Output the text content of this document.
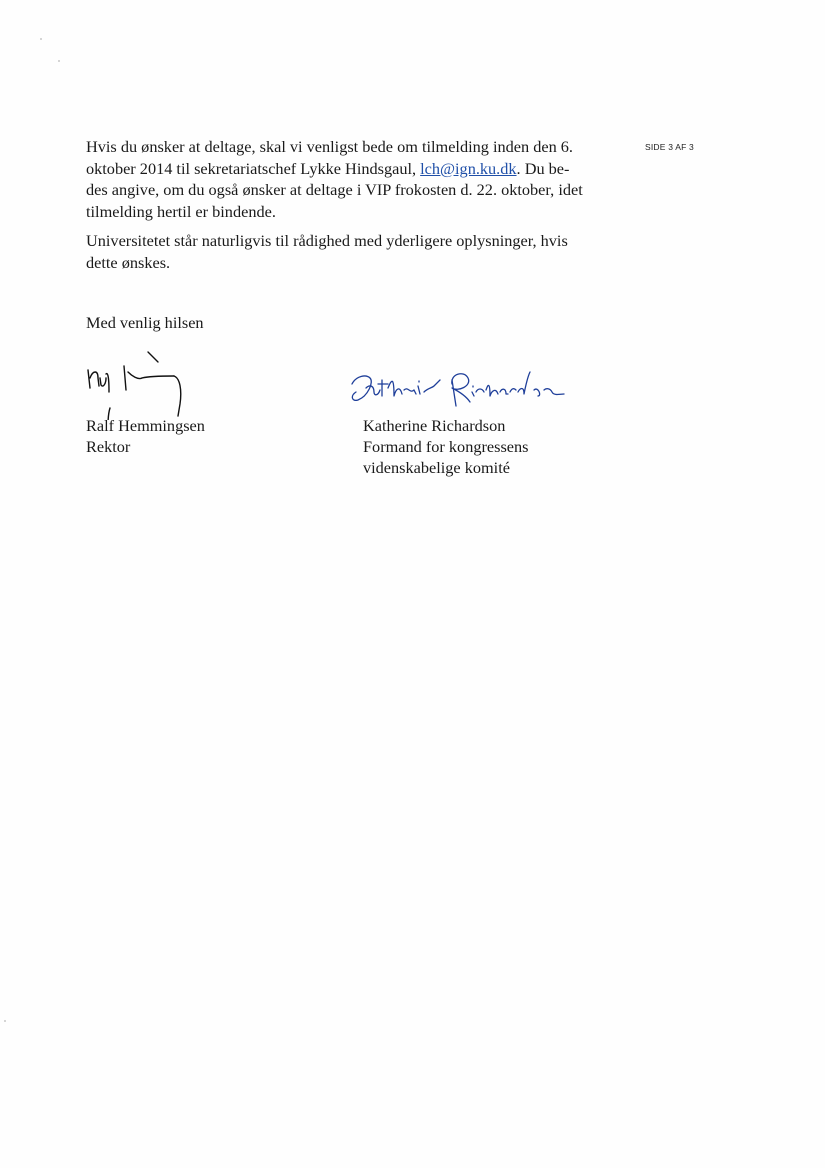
SIDE 3 AF 3

Hvis du ønsker at deltage, skal vi venligst bede om tilmelding inden den 6.
oktober 2014 til sekretariatschef Lykke Hindsgaul, lch@ign.ku.dk. Du be-
des angive, om du også ønsker at deltage i VIP frokosten d. 22. oktober, idet
tilmelding hertil er bindende.

Universitetet står naturligvis til rådighed med yderligere oplysninger, hvis
dette ønskes.

Med venlig hilsen
Ralf Hemmingsen
Rektor
Katherine Richardson
Formand for kongressens
videnskabelige komité
